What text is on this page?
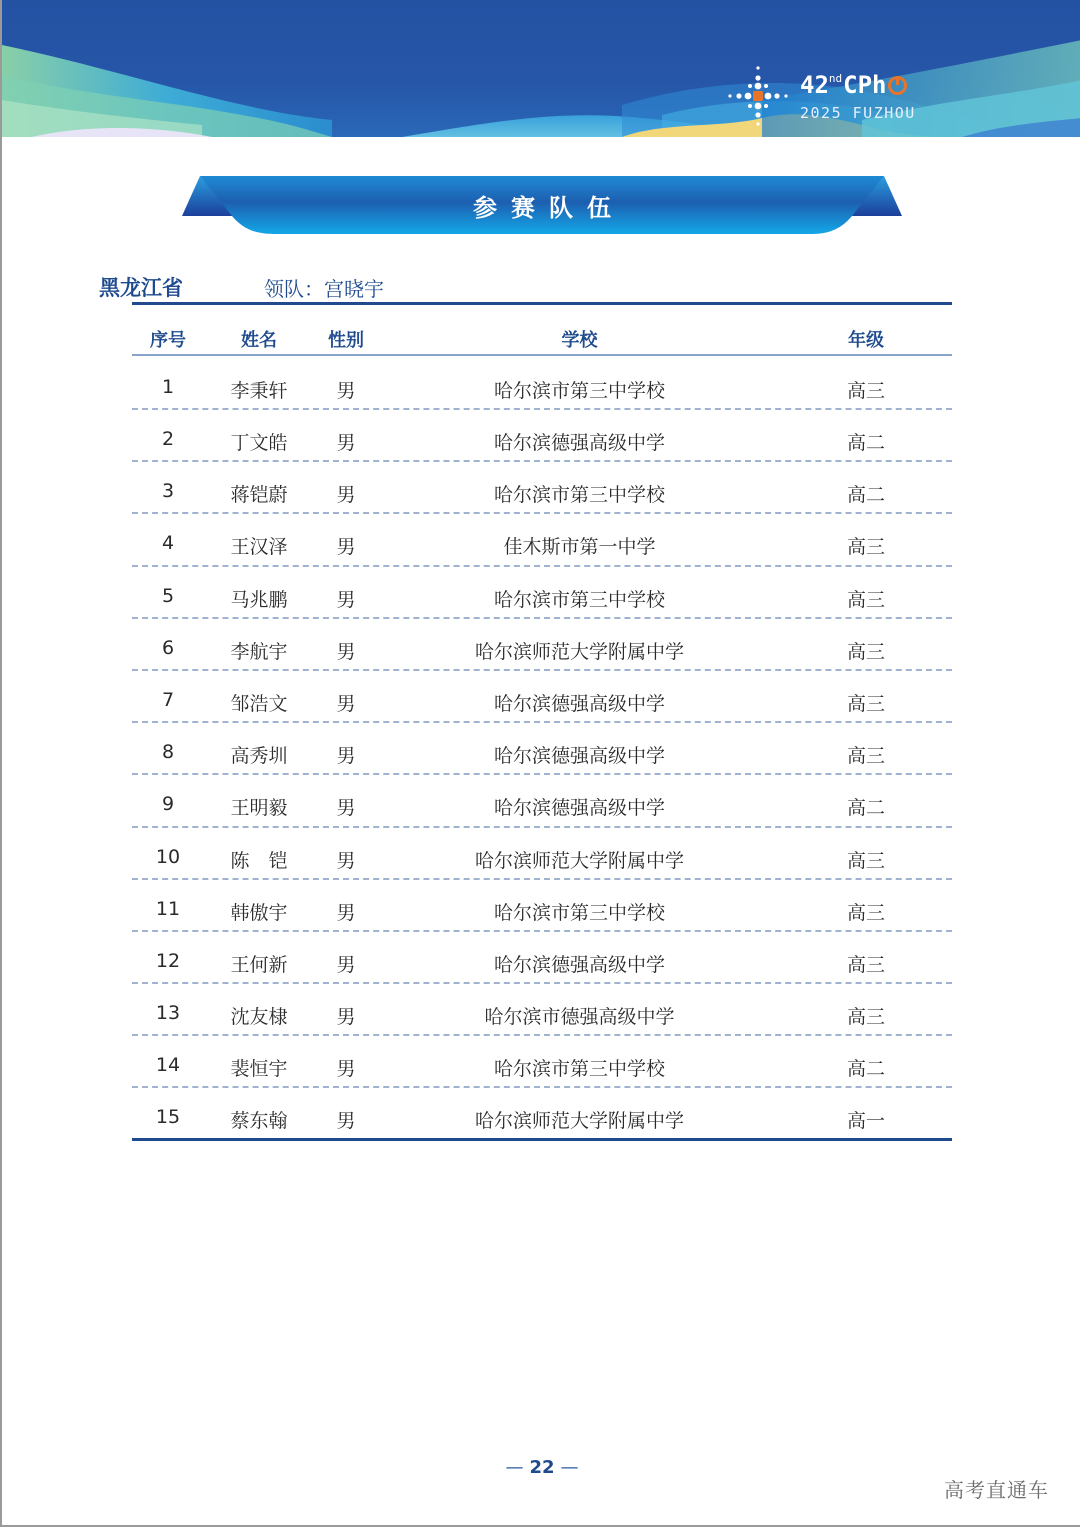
42ndCPh
2025 FUZHOU
参赛队伍
黑龙江省	领队：宫晓宇
序号	姓名	性别	学校	年级
1	李秉轩	男	哈尔滨市第三中学校	高三
2	丁文皓	男	哈尔滨德强高级中学	高二
3	蒋铠蔚	男	哈尔滨市第三中学校	高二
4	王汉泽	男	佳木斯市第一中学	高三
5	马兆鹏	男	哈尔滨市第三中学校	高三
6	李航宇	男	哈尔滨师范大学附属中学	高三
7	邹浩文	男	哈尔滨德强高级中学	高三
8	高秀圳	男	哈尔滨德强高级中学	高三
9	王明毅	男	哈尔滨德强高级中学	高二
10	陈　铠	男	哈尔滨师范大学附属中学	高三
11	韩傲宇	男	哈尔滨市第三中学校	高三
12	王何新	男	哈尔滨德强高级中学	高三
13	沈友棣	男	哈尔滨市德强高级中学	高三
14	裴恒宇	男	哈尔滨市第三中学校	高二
15	蔡东翰	男	哈尔滨师范大学附属中学	高一
— 22 —
高考直通车
